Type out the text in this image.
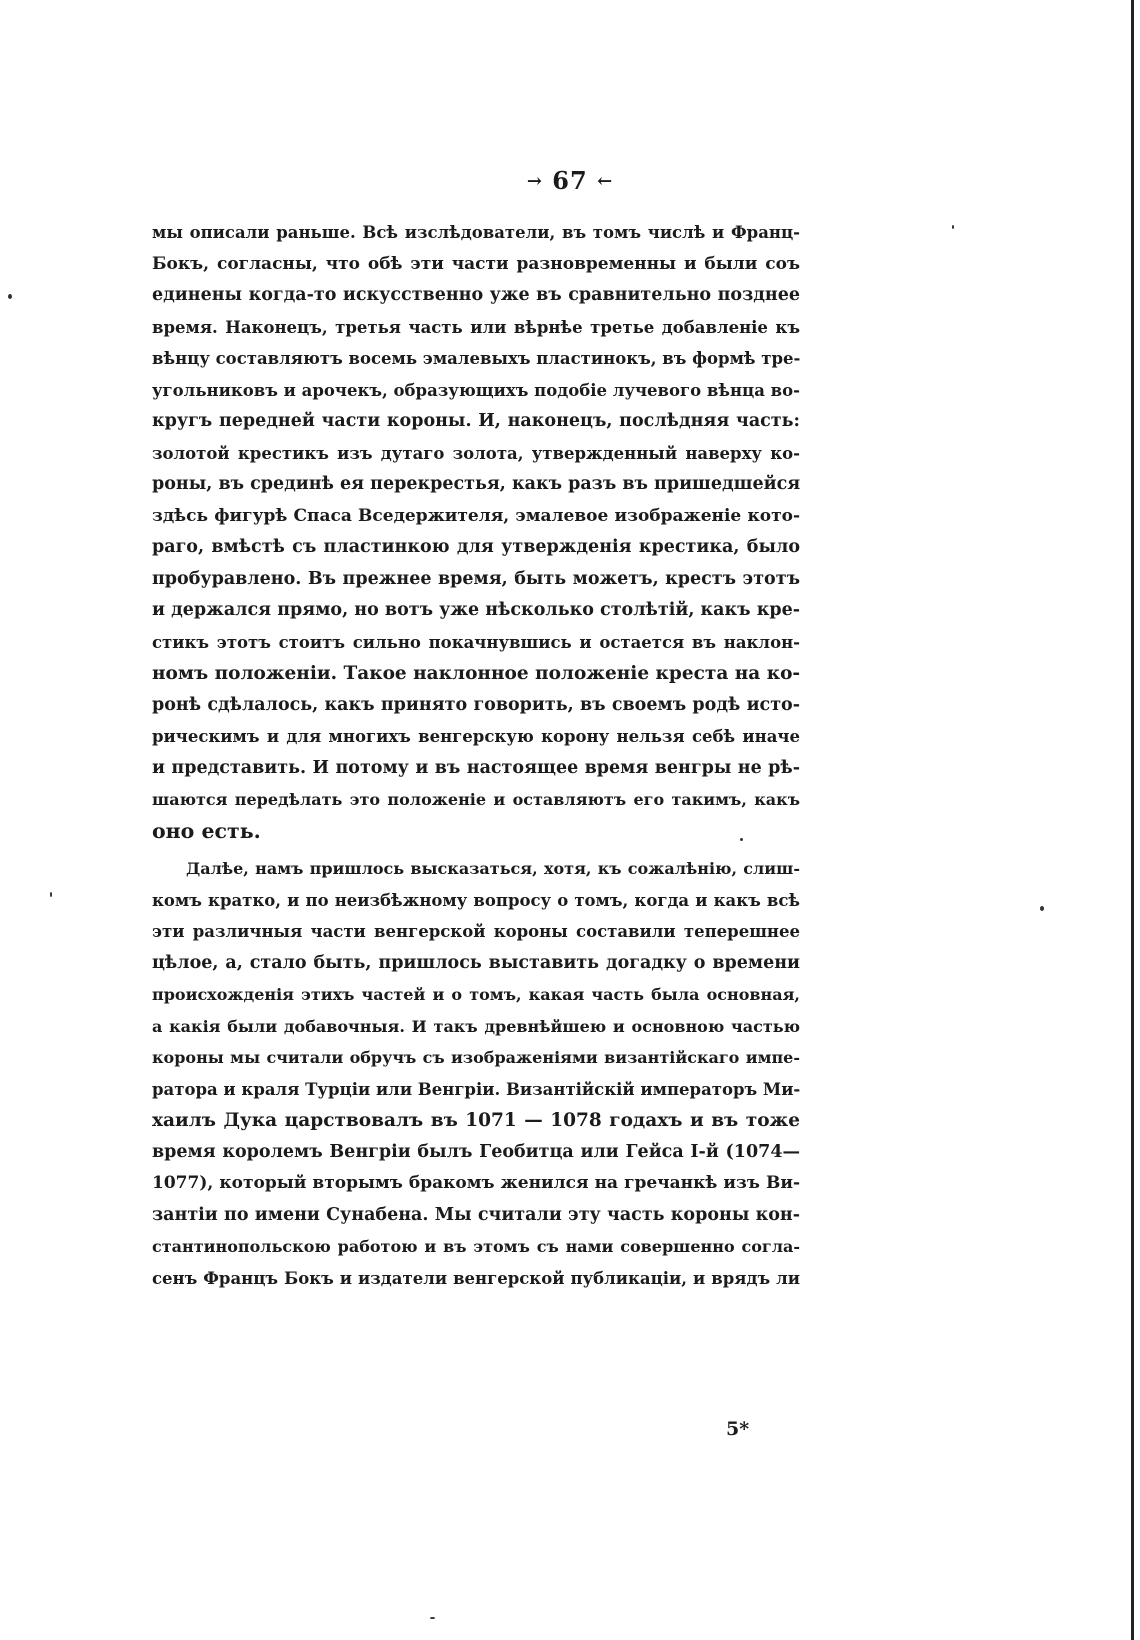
→ 67 ←
мы описали раньше. Всѣ изслѣдователи, въ томъ числѣ и Франц-
Бокъ, согласны, что обѣ эти части разновременны и были соъ
единены когда-то искусственно уже въ сравнительно позднее
время. Наконецъ, третья часть или вѣрнѣе третье добавленіе къ
вѣнцу составляютъ восемь эмалевыхъ пластинокъ, въ формѣ тре-
угольниковъ и арочекъ, образующихъ подобіе лучевого вѣнца во-
кругъ передней части короны. И, наконецъ, послѣдняя часть:
золотой крестикъ изъ дутаго золота, утвержденный наверху ко-
роны, въ срединѣ ея перекрестья, какъ разъ въ пришедшейся
здѣсь фигурѣ Спаса Вседержителя, эмалевое изображеніе кото-
раго, вмѣстѣ съ пластинкою для утвержденія крестика, было
пробуравлено. Въ прежнее время, быть можетъ, крестъ этотъ
и держался прямо, но вотъ уже нѣсколько столѣтій, какъ кре-
стикъ этотъ стоитъ сильно покачнувшись и остается въ наклон-
номъ положеніи. Такое наклонное положеніе креста на ко-
ронѣ сдѣлалось, какъ принято говорить, въ своемъ родѣ исто-
рическимъ и для многихъ венгерскую корону нельзя себѣ иначе
и представить. И потому и въ настоящее время венгры не рѣ-
шаются передѣлать это положеніе и оставляютъ его такимъ, какъ
оно есть.
Далѣе, намъ пришлось высказаться, хотя, къ сожалѣнію, слиш-
комъ кратко, и по неизбѣжному вопросу о томъ, когда и какъ всѣ
эти различныя части венгерской короны составили теперешнее
цѣлое, а, стало быть, пришлось выставить догадку о времени
происхожденія этихъ частей и о томъ, какая часть была основная,
а какія были добавочныя. И такъ древнѣйшею и основною частью
короны мы считали обручъ съ изображеніями византійскаго импе-
ратора и краля Турціи или Венгріи. Византійскій императоръ Ми-
хаилъ Дука царствовалъ въ 1071 — 1078 годахъ и въ тоже
время королемъ Венгріи былъ Геобитца или Гейса I-й (1074—
1077), который вторымъ бракомъ женился на гречанкѣ изъ Ви-
зантіи по имени Сунабена. Мы считали эту часть короны кон-
стантинопольскою работою и въ этомъ съ нами совершенно согла-
сенъ Францъ Бокъ и издатели венгерской публикаціи, и врядъ ли
5*
